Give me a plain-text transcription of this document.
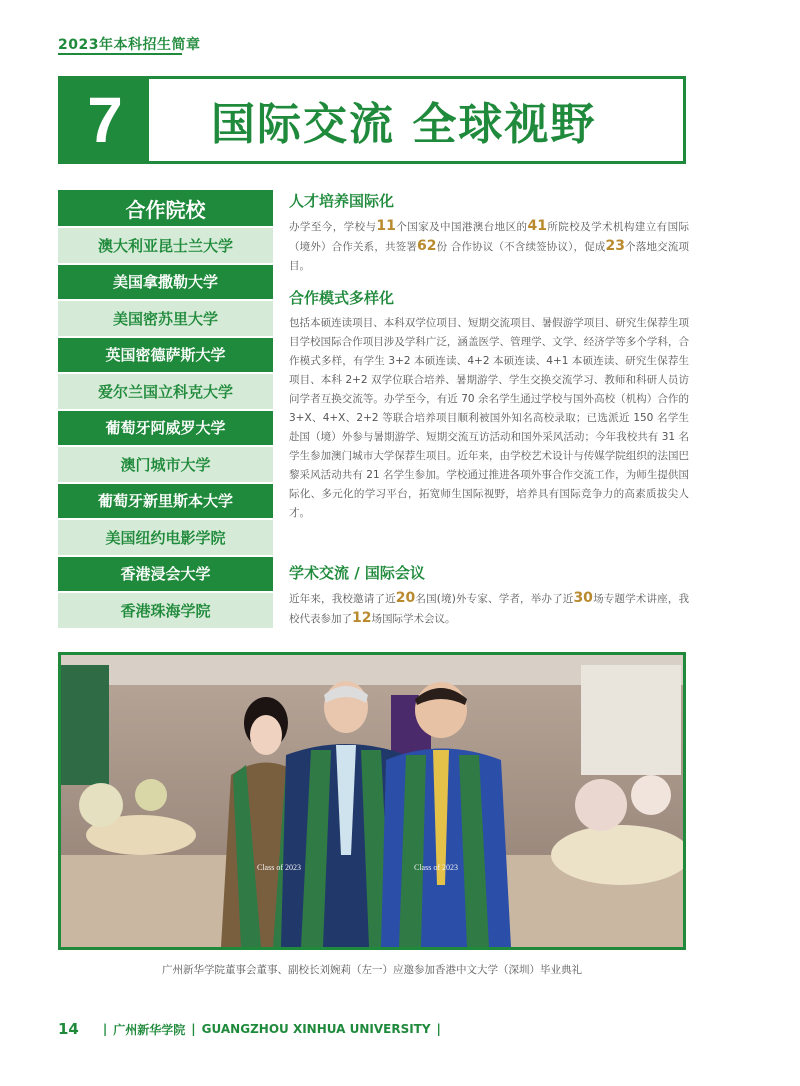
2023年本科招生简章
7	国际交流 全球视野
合作院校
澳大利亚昆士兰大学
美国拿撒勒大学
美国密苏里大学
英国密德萨斯大学
爱尔兰国立科克大学
葡萄牙阿威罗大学
澳门城市大学
葡萄牙新里斯本大学
美国纽约电影学院
香港浸会大学
香港珠海学院
人才培养国际化

办学至今，学校与11个国家及中国港澳台地区的41所院校及学术机构建立有国际（境外）合作关系，共签署62份 合作协议（不含续签协议），促成23个落地交流项目。

合作模式多样化

包括本硕连读项目、本科双学位项目、短期交流项目、暑假游学项目、研究生保荐生项目学校国际合作项目涉及学科广泛，涵盖医学、管理学、文学、经济学等多个学科，合作模式多样，有学生 3+2 本硕连读、4+2 本硕连读、4+1 本硕连读、研究生保荐生项目、本科 2+2 双学位联合培养、暑期游学、学生交换交流学习、教师和科研人员访问学者互换交流等。办学至今，有近 70 余名学生通过学校与国外高校（机构）合作的 3+X、4+X、2+2 等联合培养项目顺利被国外知名高校录取；已选派近 150 名学生赴国（境）外参与暑期游学、短期交流互访活动和国外采风活动；今年我校共有 31 名学生参加澳门城市大学保荐生项目。近年来，由学校艺术设计与传媒学院组织的法国巴黎采风活动共有 21 名学生参加。学校通过推进各项外事合作交流工作，为师生提供国际化、多元化的学习平台，拓宽师生国际视野，培养具有国际竞争力的高素质拔尖人才。

学术交流 / 国际会议

近年来，我校邀请了近20名国(境)外专家、学者，举办了近30场专题学术讲座，我校代表参加了12场国际学术会议。

Class of 2023	Class of 2023
广州新华学院董事会董事、副校长刘婉莉（左一）应邀参加香港中文大学（深圳）毕业典礼
14 | 广州新华学院 | GUANGZHOU XINHUA UNIVERSITY |
